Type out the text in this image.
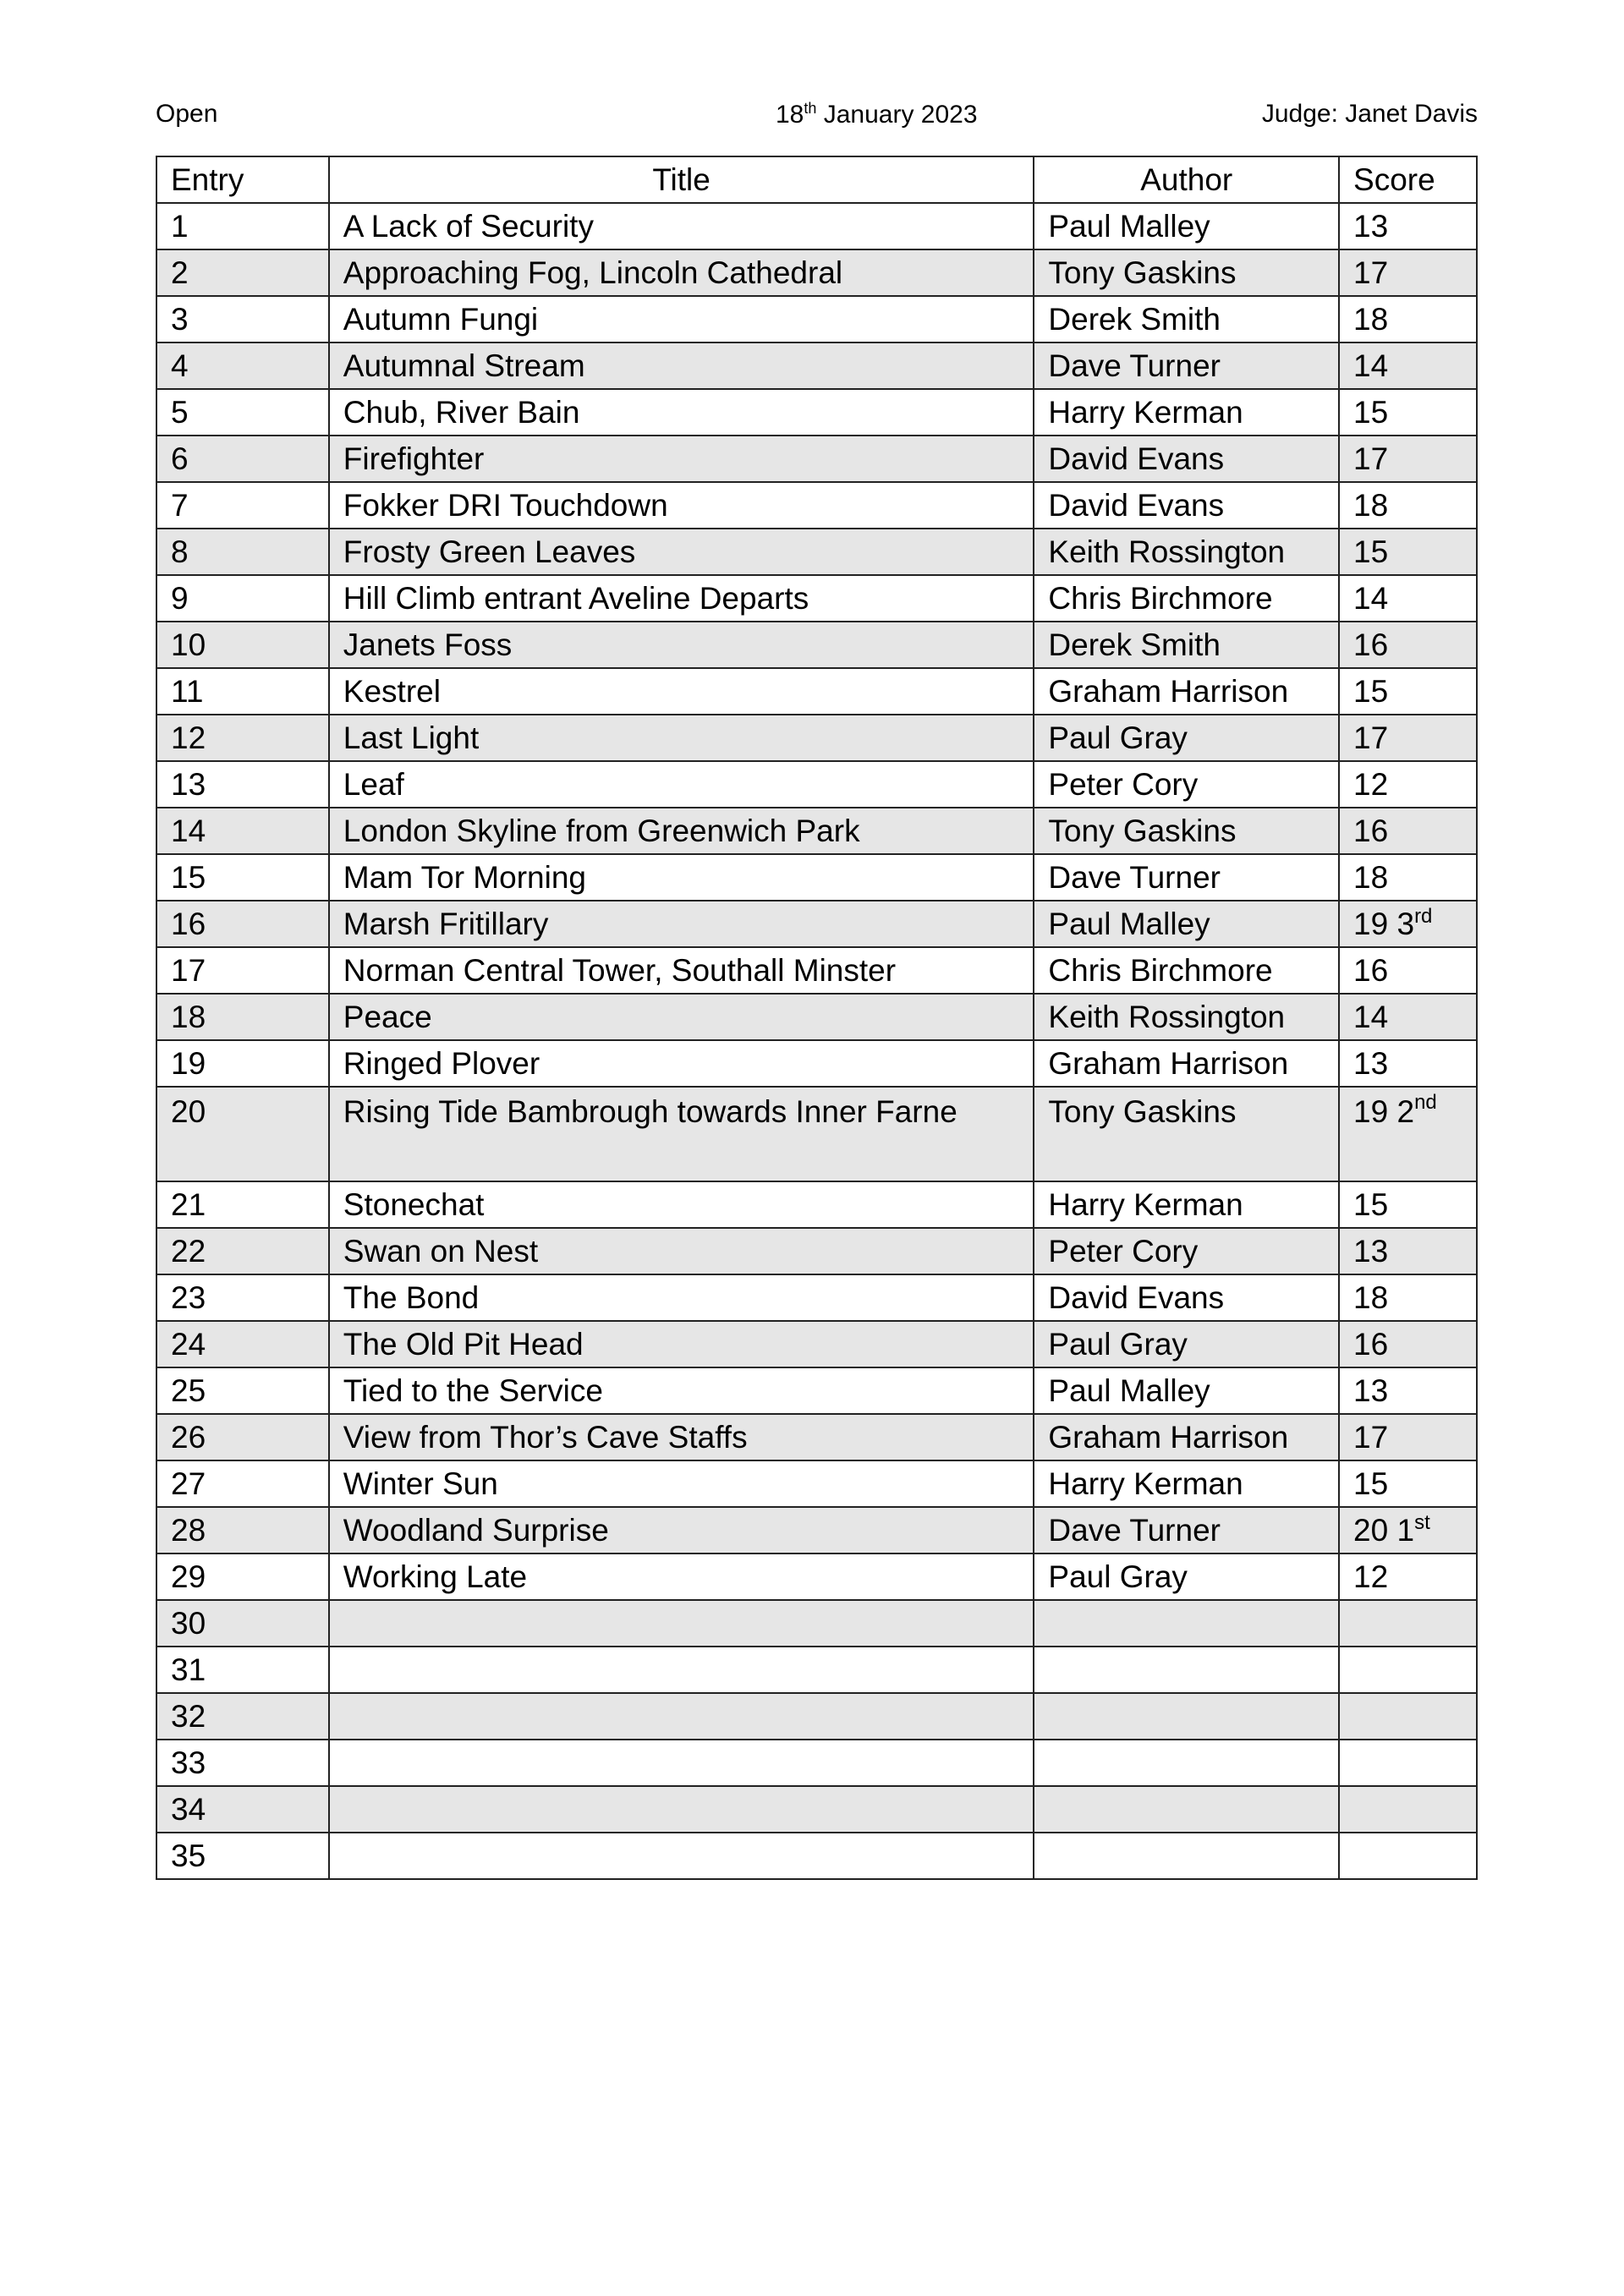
Open	18th January 2023	Judge: Janet Davis
Entry	Title	Author	Score
1	A Lack of Security	Paul Malley	13
2	Approaching Fog, Lincoln Cathedral	Tony Gaskins	17
3	Autumn Fungi	Derek Smith	18
4	Autumnal Stream	Dave Turner	14
5	Chub, River Bain	Harry Kerman	15
6	Firefighter	David Evans	17
7	Fokker DRI Touchdown	David Evans	18
8	Frosty Green Leaves	Keith Rossington	15
9	Hill Climb entrant Aveline Departs	Chris Birchmore	14
10	Janets Foss	Derek Smith	16
11	Kestrel	Graham Harrison	15
12	Last Light	Paul Gray	17
13	Leaf	Peter Cory	12
14	London Skyline from Greenwich Park	Tony Gaskins	16
15	Mam Tor Morning	Dave Turner	18
16	Marsh Fritillary	Paul Malley	19 3rd
17	Norman Central Tower, Southall Minster	Chris Birchmore	16
18	Peace	Keith Rossington	14
19	Ringed Plover	Graham Harrison	13
20	Rising Tide Bambrough towards Inner Farne	Tony Gaskins	19 2nd
21	Stonechat	Harry Kerman	15
22	Swan on Nest	Peter Cory	13
23	The Bond	David Evans	18
24	The Old Pit Head	Paul Gray	16
25	Tied to the Service	Paul Malley	13
26	View from Thor’s Cave Staffs	Graham Harrison	17
27	Winter Sun	Harry Kerman	15
28	Woodland Surprise	Dave Turner	20 1st
29	Working Late	Paul Gray	12
30			
31			
32			
33			
34			
35			
